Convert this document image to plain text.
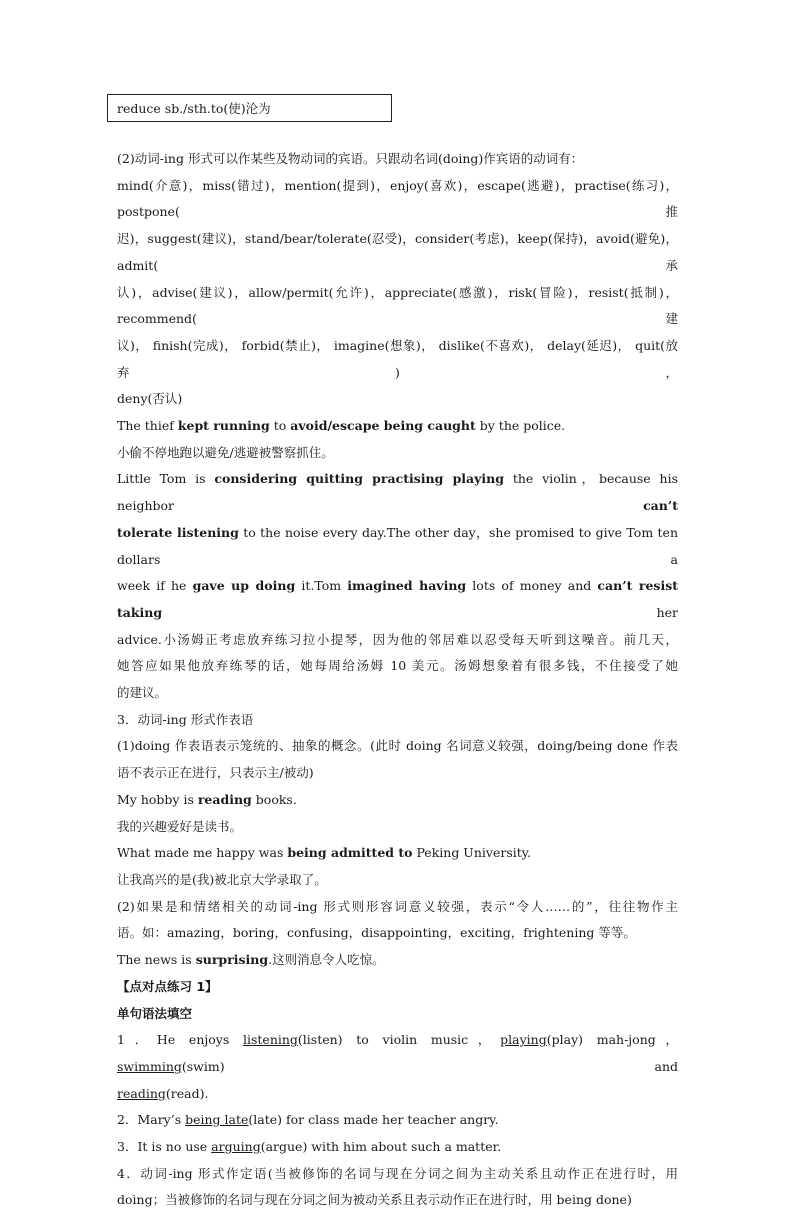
reduce sb./sth.to(使)沦为

(2)动词-ing 形式可以作某些及物动词的宾语。只跟动名词(doing)作宾语的动词有：

mind(介意)，miss(错过)，mention(提到)，enjoy(喜欢)，escape(逃避)，practise(练习)，postpone(推

迟)，suggest(建议)，stand/bear/tolerate(忍受)，consider(考虑)，keep(保持)，avoid(避免)，admit(承

认)，advise(建议)，allow/permit(允许)，appreciate(感激)，risk(冒险)，resist(抵制)，recommend(建

议)， finish(完成)， forbid(禁止)， imagine(想象)， dislike(不喜欢)， delay(延迟)， quit(放弃)，

deny(否认)

The thief kept running to avoid/escape being caught by the police.

小偷不停地跑以避免/逃避被警察抓住。

Little Tom is considering quitting practising playing the violin，because his neighbor can’t

tolerate listening to the noise every day.The other day，she promised to give Tom ten dollars a

week if he gave up doing it.Tom imagined having lots of money and can’t resist taking her

advice.小汤姆正考虑放弃练习拉小提琴，因为他的邻居难以忍受每天听到这噪音。前几天，

她答应如果他放弃练琴的话，她每周给汤姆 10 美元。汤姆想象着有很多钱，不住接受了她

的建议。

3．动词-ing 形式作表语

(1)doing 作表语表示笼统的、抽象的概念。(此时 doing 名词意义较强，doing/being done 作表

语不表示正在进行，只表示主/被动)

My hobby is reading books.

我的兴趣爱好是读书。

What made me happy was being admitted to Peking University.

让我高兴的是(我)被北京大学录取了。

(2)如果是和情绪相关的动词-ing 形式则形容词意义较强，表示“令人……的”，往往物作主

语。如：amazing，boring，confusing，disappointing，exciting，frightening 等等。

The news is surprising.这则消息令人吃惊。

【点对点练习 1】

单句语法填空

1．He enjoys listening(listen) to violin music，playing(play) mah-jong，swimming(swim) and

reading(read).

2．Mary’s being late(late) for class made her teacher angry.

3．It is no use arguing(argue) with him about such a matter.

4．动词-ing 形式作定语(当被修饰的名词与现在分词之间为主动关系且动作正在进行时，用

doing；当被修饰的名词与现在分词之间为被动关系且表示动作正在进行时，用 being done)
